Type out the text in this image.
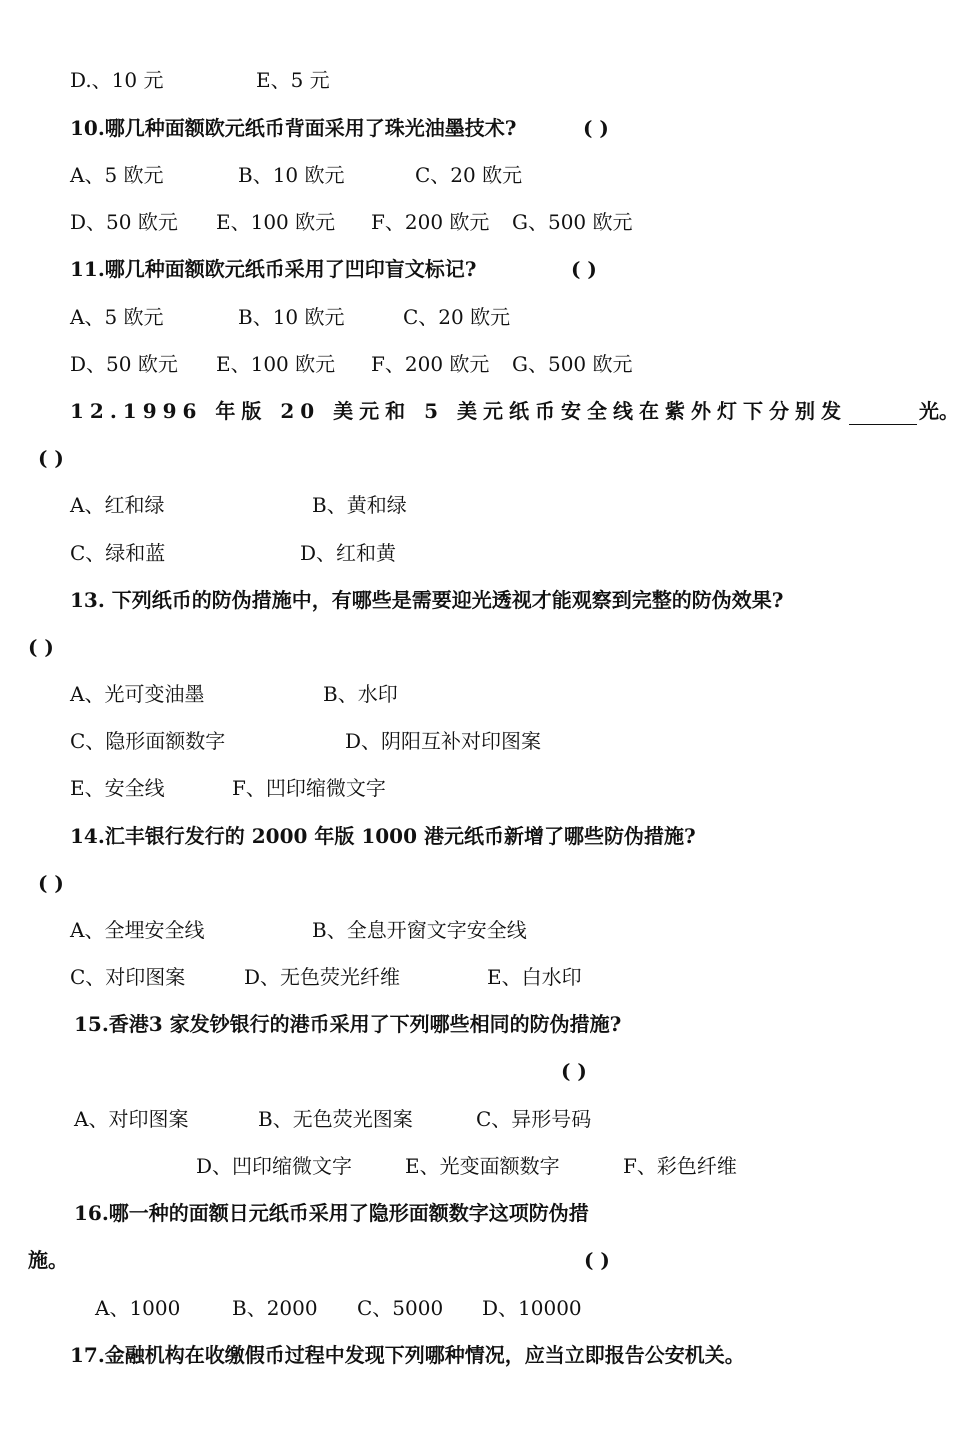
D.、10 元	E、5 元
10.哪几种面额欧元纸币背面采用了珠光油墨技术?	( )
A、5 欧元	B、10 欧元	C、20 欧元
D、50 欧元 E、100 欧元 F、200 欧元 G、500 欧元
11.哪几种面额欧元纸币采用了凹印盲文标记?	( )
A、5 欧元	B、10 欧元	C、20 欧元
D、50 欧元 E、100 欧元 F、200 欧元 G、500 欧元
12.1996 年版 20 美元和 5 美元纸币安全线在紫外灯下分别发	光。
( )
A、红和绿	B、黄和绿
C、绿和蓝	D、红和黄
13. 下列纸币的防伪措施中，有哪些是需要迎光透视才能观察到完整的防伪效果?
( )
A、光可变油墨	B、水印
C、隐形面额数字	D、阴阳互补对印图案
E、安全线	F、凹印缩微文字
14.汇丰银行发行的 2000 年版 1000 港元纸币新增了哪些防伪措施?
( )
A、全埋安全线	B、全息开窗文字安全线
C、对印图案	D、无色荧光纤维	E、白水印
15.香港3 家发钞银行的港币采用了下列哪些相同的防伪措施?
( )
A、对印图案	B、无色荧光图案	C、异形号码
D、凹印缩微文字	E、光变面额数字	F、彩色纤维
16.哪一种的面额日元纸币采用了隐形面额数字这项防伪措
施。	( )
A、1000	B、2000 C、5000 D、10000
17.金融机构在收缴假币过程中发现下列哪种情况，应当立即报告公安机关。
